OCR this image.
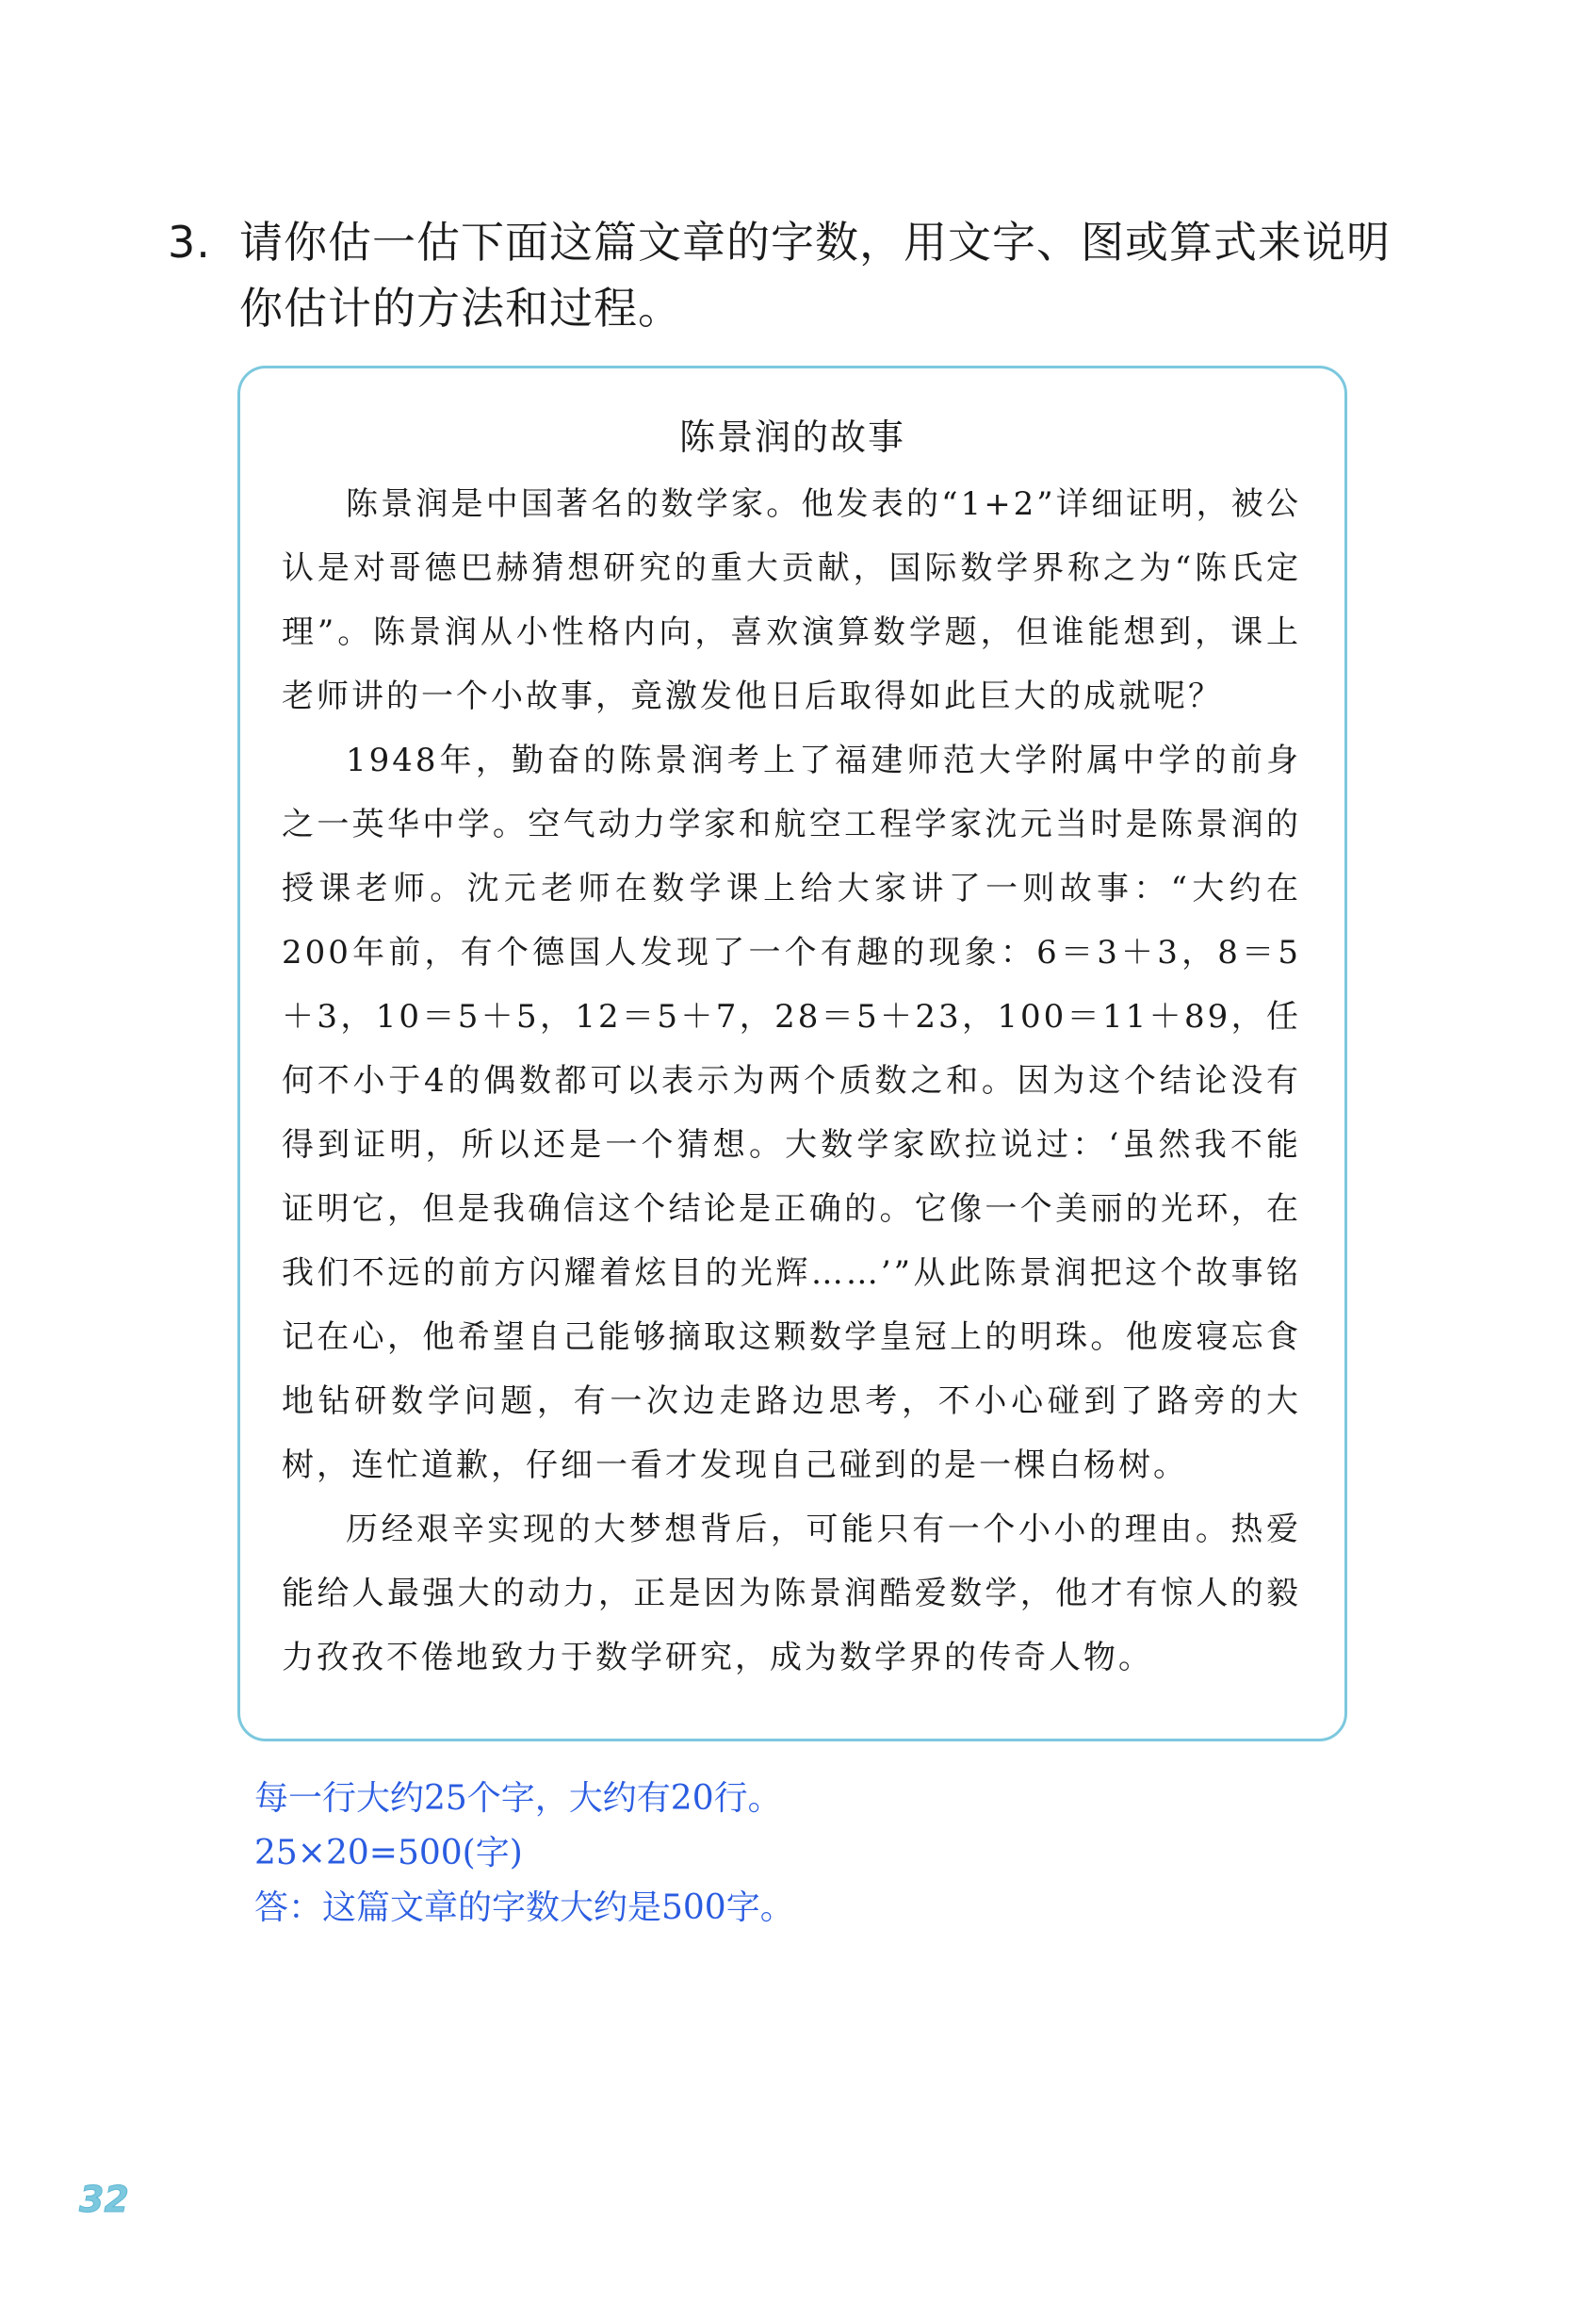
3. 请你估一估下面这篇文章的字数，用文字、图或算式来说明你估计的方法和过程。
陈景润的故事

陈景润是中国著名的数学家。他发表的“1+2”详细证明，被公认是对哥德巴赫猜想研究的重大贡献，国际数学界称之为“陈氏定理”。陈景润从小性格内向，喜欢演算数学题，但谁能想到，课上老师讲的一个小故事，竟激发他日后取得如此巨大的成就呢？

1948年，勤奋的陈景润考上了福建师范大学附属中学的前身之一英华中学。空气动力学家和航空工程学家沈元当时是陈景润的授课老师。沈元老师在数学课上给大家讲了一则故事：“大约在200年前，有个德国人发现了一个有趣的现象：6＝3＋3，8＝5＋3，10＝5＋5，12＝5＋7，28＝5＋23，100＝11＋89，任何不小于4的偶数都可以表示为两个质数之和。因为这个结论没有得到证明，所以还是一个猜想。大数学家欧拉说过：‘虽然我不能证明它，但是我确信这个结论是正确的。它像一个美丽的光环，在我们不远的前方闪耀着炫目的光辉……’”从此陈景润把这个故事铭记在心，他希望自己能够摘取这颗数学皇冠上的明珠。他废寝忘食地钻研数学问题，有一次边走路边思考，不小心碰到了路旁的大树，连忙道歉，仔细一看才发现自己碰到的是一棵白杨树。

历经艰辛实现的大梦想背后，可能只有一个小小的理由。热爱能给人最强大的动力，正是因为陈景润酷爱数学，他才有惊人的毅力孜孜不倦地致力于数学研究，成为数学界的传奇人物。

每一行大约25个字，大约有20行。
25×20=500(字)
答：这篇文章的字数大约是500字。
32
